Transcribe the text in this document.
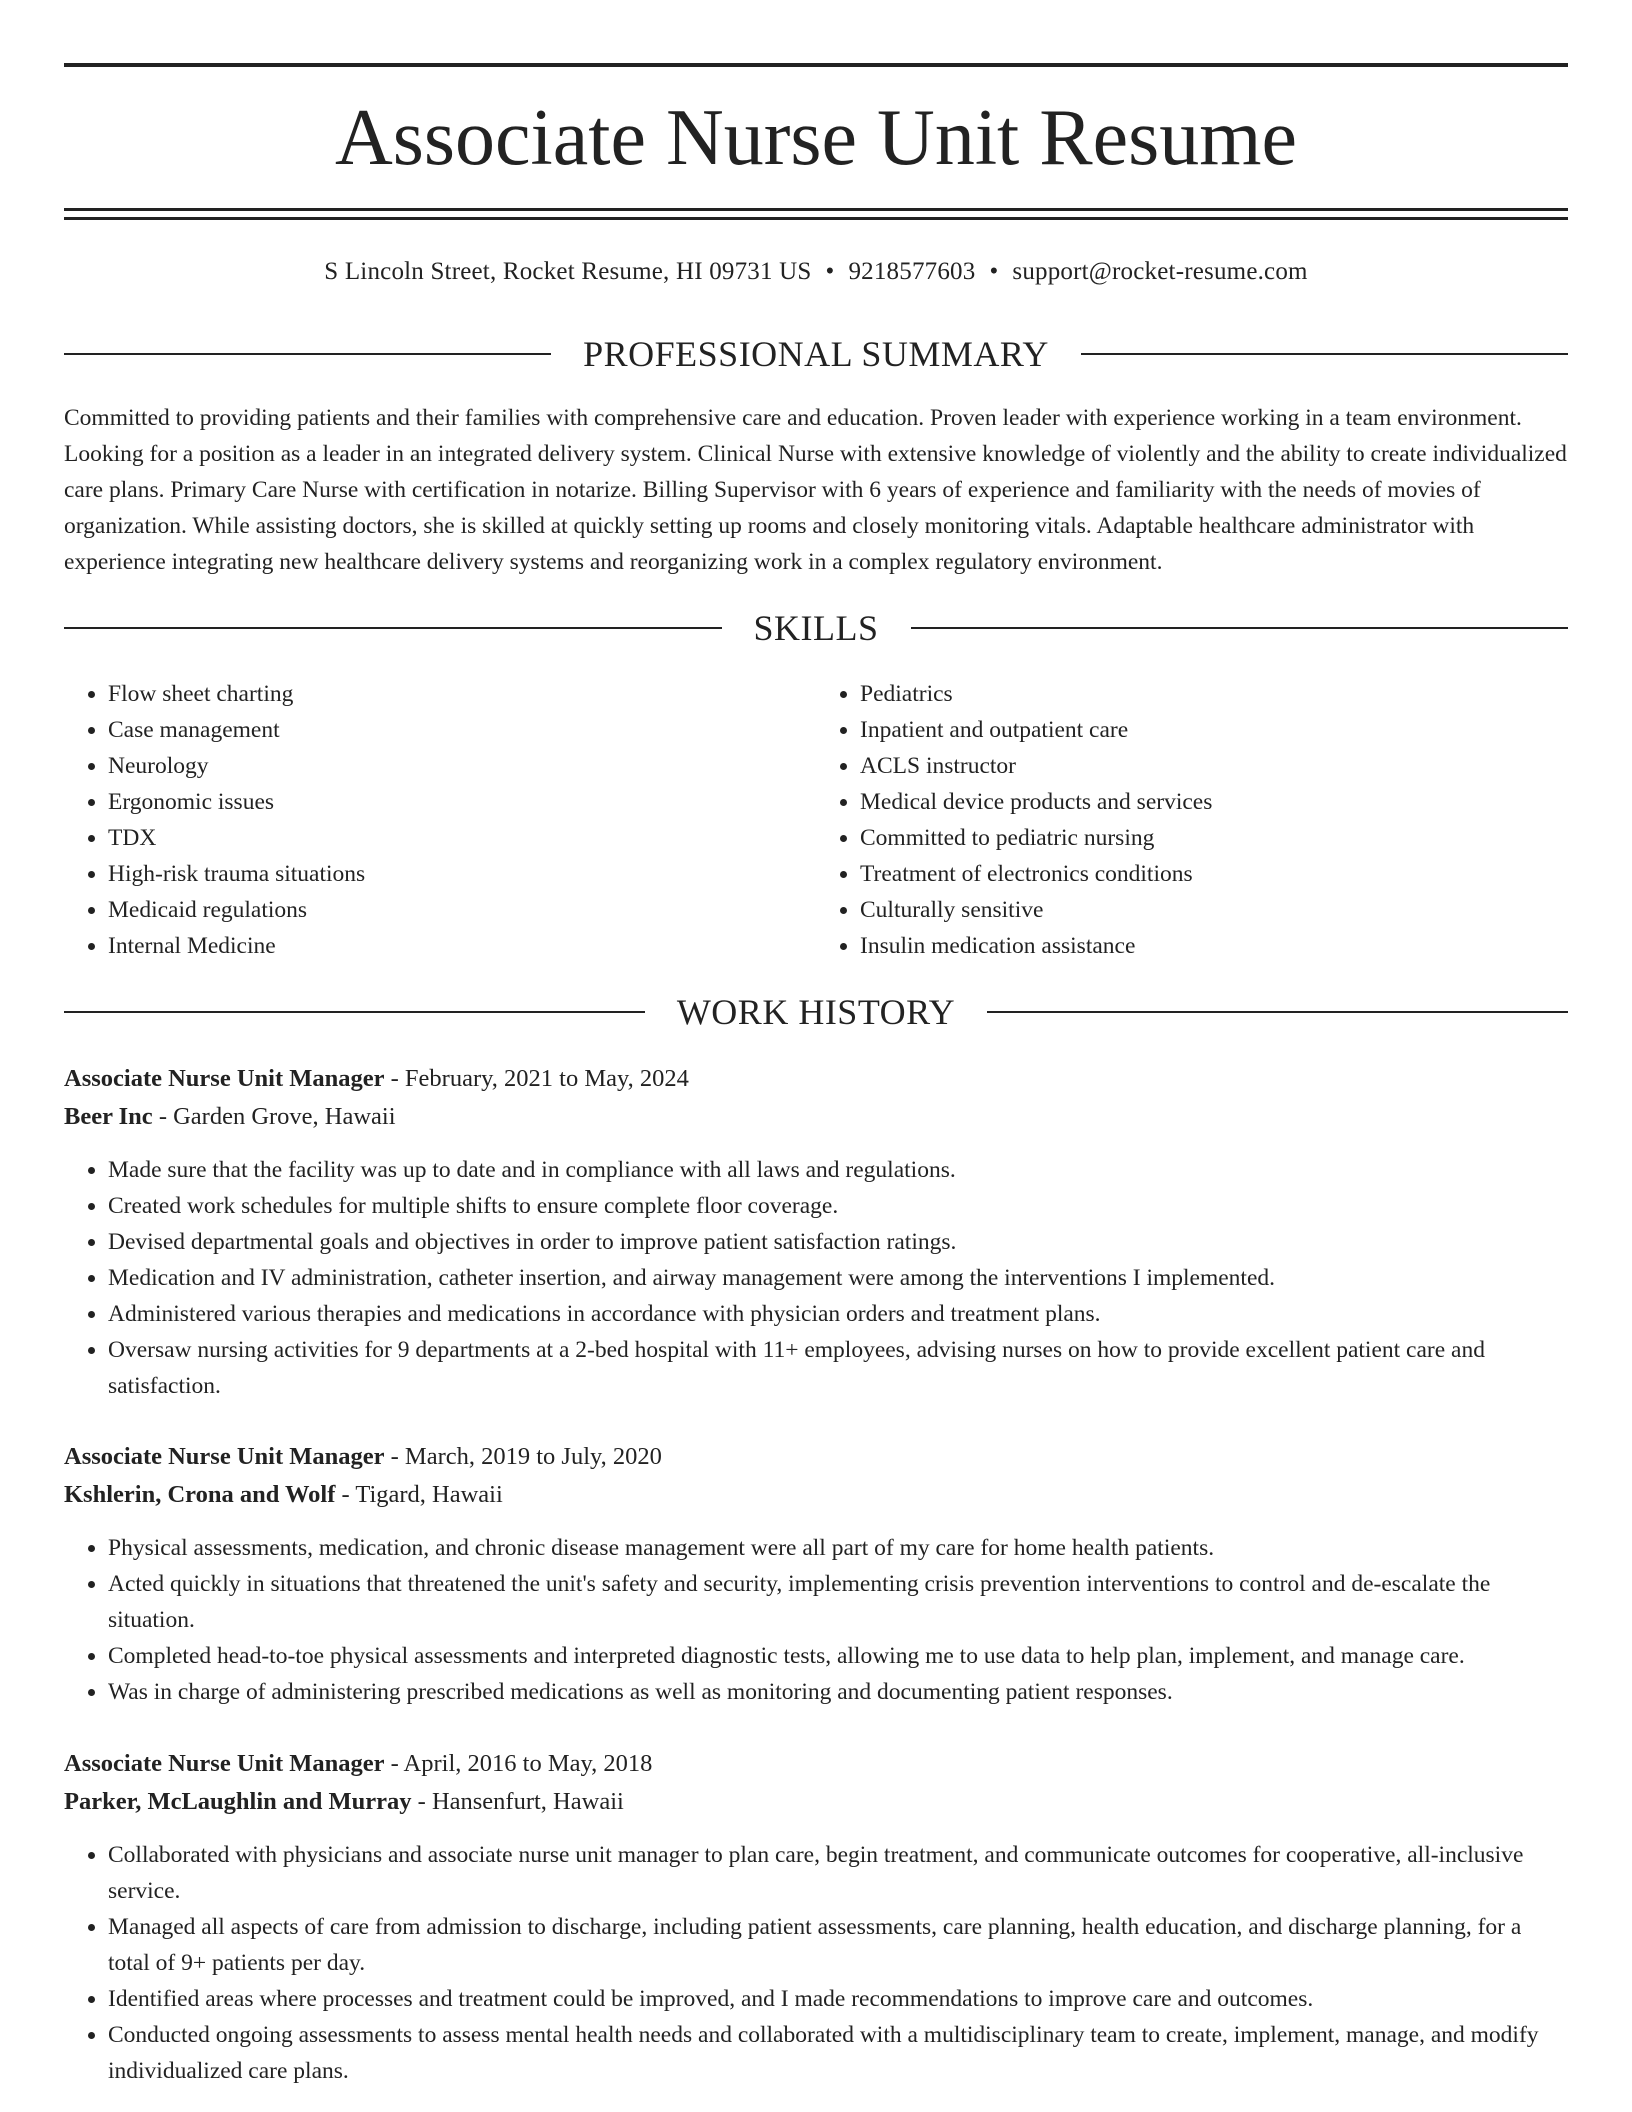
Associate Nurse Unit Resume
S Lincoln Street, Rocket Resume, HI 09731 US • 9218577603 • support@rocket-resume.com
PROFESSIONAL SUMMARY

Committed to providing patients and their families with comprehensive care and education. Proven leader with experience working in a team environment. Looking for a position as a leader in an integrated delivery system. Clinical Nurse with extensive knowledge of violently and the ability to create individualized care plans. Primary Care Nurse with certification in notarize. Billing Supervisor with 6 years of experience and familiarity with the needs of movies of organization. While assisting doctors, she is skilled at quickly setting up rooms and closely monitoring vitals. Adaptable healthcare administrator with experience integrating new healthcare delivery systems and reorganizing work in a complex regulatory environment.

SKILLS
• Flow sheet charting
• Case management
• Neurology
• Ergonomic issues
• TDX
• High-risk trauma situations
• Medicaid regulations
• Internal Medicine
• Pediatrics
• Inpatient and outpatient care
• ACLS instructor
• Medical device products and services
• Committed to pediatric nursing
• Treatment of electronics conditions
• Culturally sensitive
• Insulin medication assistance
WORK HISTORY
Associate Nurse Unit Manager - February, 2021 to May, 2024
Beer Inc - Garden Grove, Hawaii
• Made sure that the facility was up to date and in compliance with all laws and regulations.
• Created work schedules for multiple shifts to ensure complete floor coverage.
• Devised departmental goals and objectives in order to improve patient satisfaction ratings.
• Medication and IV administration, catheter insertion, and airway management were among the interventions I implemented.
• Administered various therapies and medications in accordance with physician orders and treatment plans.
• Oversaw nursing activities for 9 departments at a 2-bed hospital with 11+ employees, advising nurses on how to provide excellent patient care and satisfaction.
Associate Nurse Unit Manager - March, 2019 to July, 2020
Kshlerin, Crona and Wolf - Tigard, Hawaii
• Physical assessments, medication, and chronic disease management were all part of my care for home health patients.
• Acted quickly in situations that threatened the unit's safety and security, implementing crisis prevention interventions to control and de-escalate the situation.
• Completed head-to-toe physical assessments and interpreted diagnostic tests, allowing me to use data to help plan, implement, and manage care.
• Was in charge of administering prescribed medications as well as monitoring and documenting patient responses.
Associate Nurse Unit Manager - April, 2016 to May, 2018
Parker, McLaughlin and Murray - Hansenfurt, Hawaii
• Collaborated with physicians and associate nurse unit manager to plan care, begin treatment, and communicate outcomes for cooperative, all-inclusive service.
• Managed all aspects of care from admission to discharge, including patient assessments, care planning, health education, and discharge planning, for a total of 9+ patients per day.
• Identified areas where processes and treatment could be improved, and I made recommendations to improve care and outcomes.
• Conducted ongoing assessments to assess mental health needs and collaborated with a multidisciplinary team to create, implement, manage, and modify individualized care plans.
